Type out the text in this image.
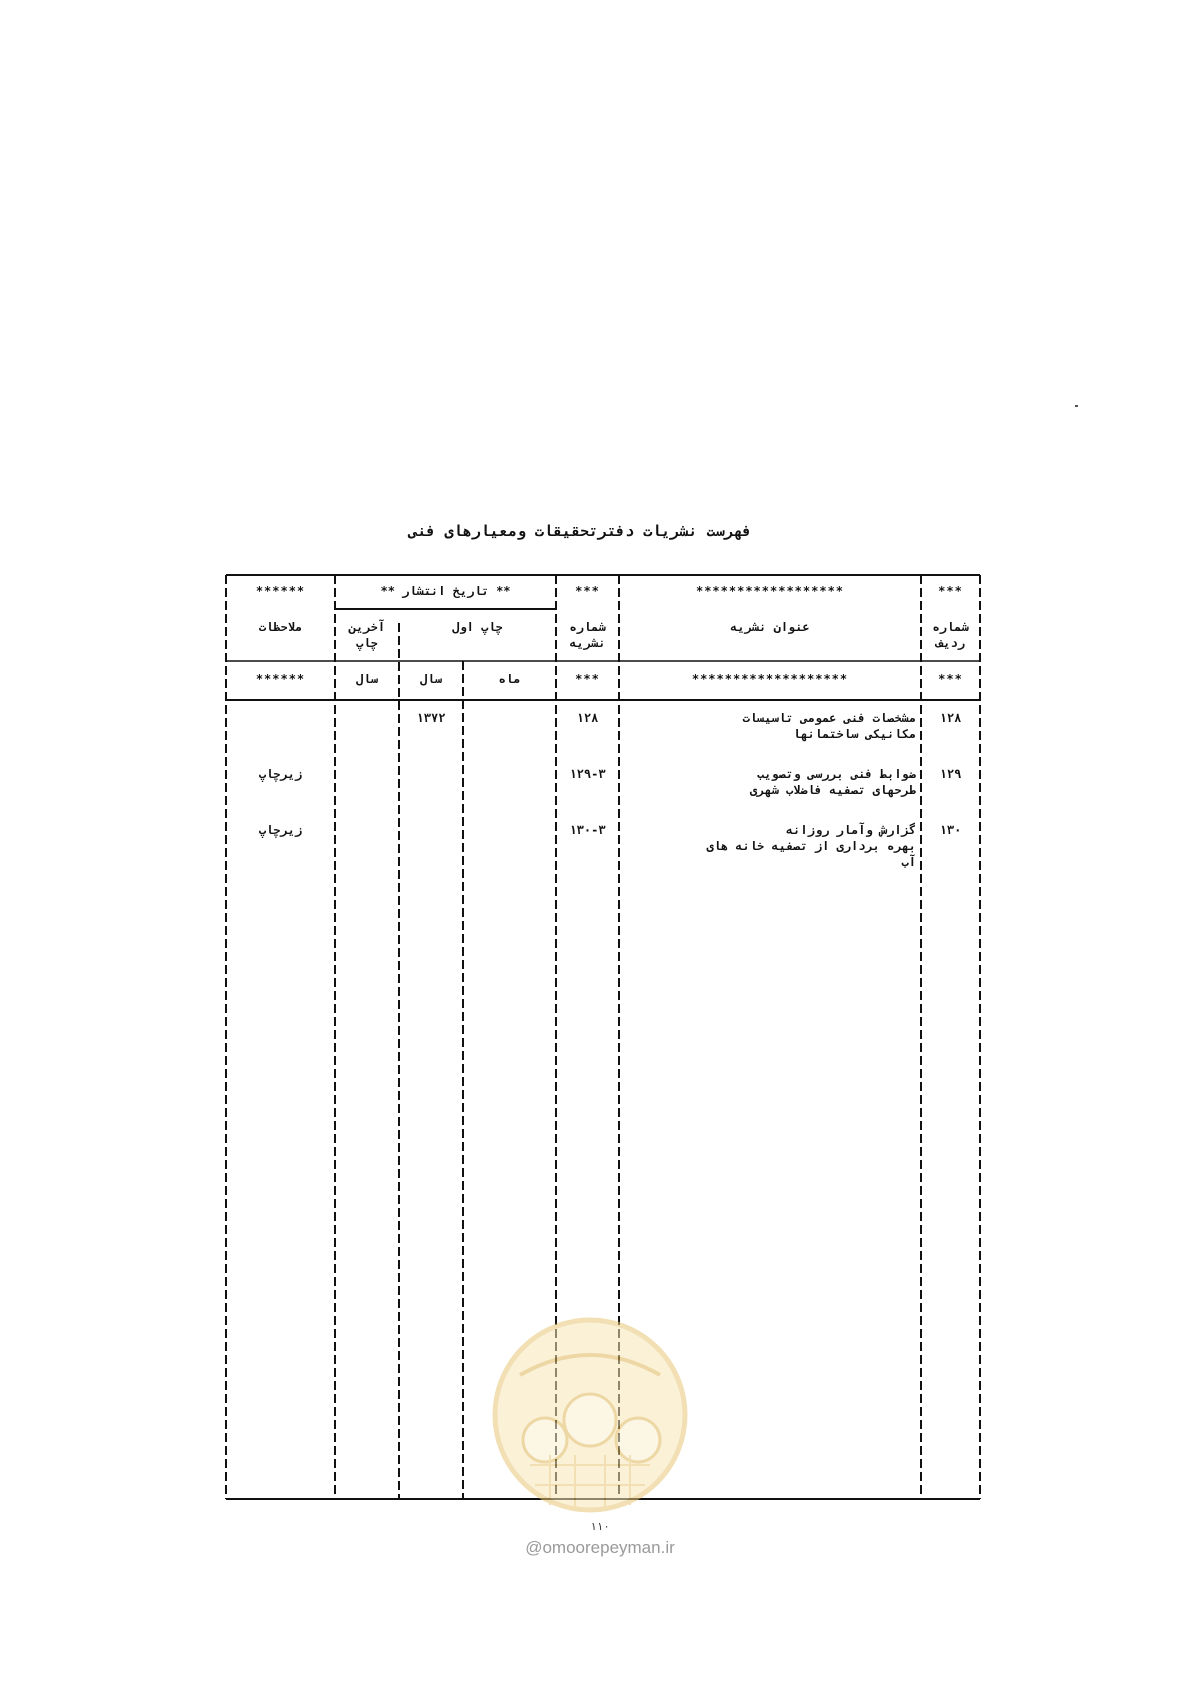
فهرست نشریات دفترتحقیقات ومعیارهای فنی
***
******************
***
** تاریخ انتشار **
******
شماره ردیف
عنوان نشریه
شماره نشریه
چاپ اول
آخرین چاپ
ملاحظات
***
*******************
***
ماه
سال
سال
******
۱۲۸
مشخصات فنی عمومی تاسیسات
مکانیکی ساختمانها
۱۲۸
۱۳۷۲
۱۲۹
ضوابط فنی بررسی وتصویب
طرحهای تصفیه فاضلاب شهری
۱۲۹-۳
زیرچاپ
۱۳۰
گزارش وآمار روزانه
بهره برداری از تصفیه خانه های
آب
۱۳۰-۳
زیرچاپ
۱۱۰
@omoorepeyman.ir
